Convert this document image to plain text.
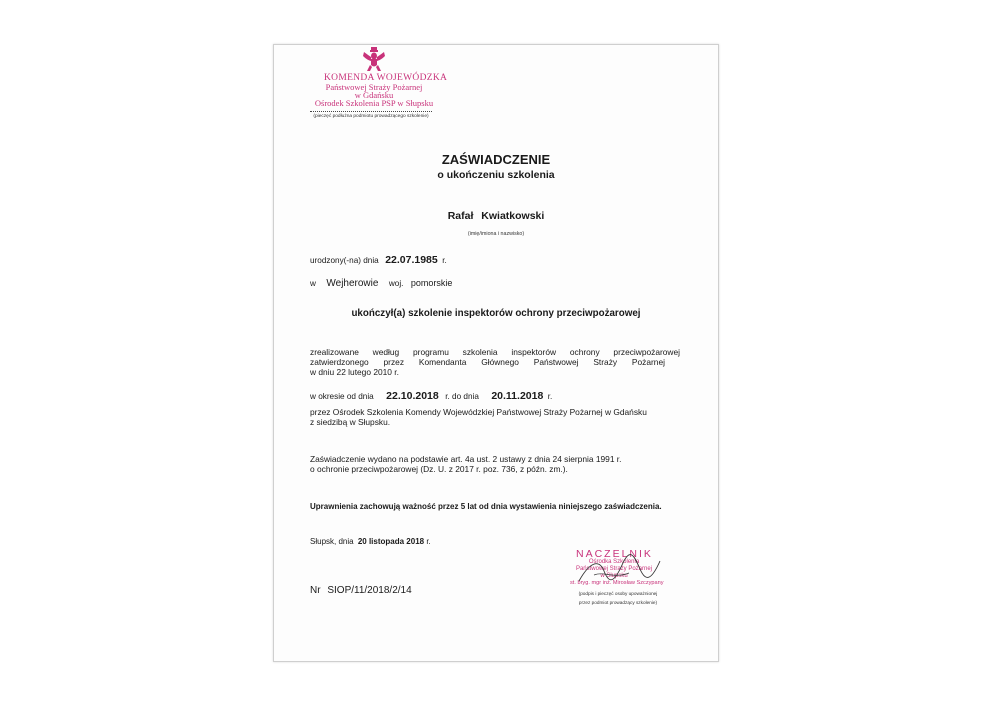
KOMENDA WOJEWÓDZKA
Państwowej Straży Pożarnej
w Gdańsku
Ośrodek Szkolenia PSP w Słupsku
(pieczęć podłużna podmiotu prowadzącego szkolenie)
ZAŚWIADCZENIE
o ukończeniu szkolenia
Rafał Kwiatkowski
(imię/imiona i nazwisko)
urodzony(-na) dnia 22.07.1985 r.
w Wejherowie woj. pomorskie
ukończył(a) szkolenie inspektorów ochrony przeciwpożarowej
zrealizowane według programu szkolenia inspektorów ochrony przeciwpożarowej
zatwierdzonego przez Komendanta Głównego Państwowej Straży Pożarnej
w dniu 22 lutego 2010 r.
w okresie od dnia 22.10.2018 r. do dnia 20.11.2018 r.
przez Ośrodek Szkolenia Komendy Wojewódzkiej Państwowej Straży Pożarnej w Gdańsku
z siedzibą w Słupsku.
Zaświadczenie wydano na podstawie art. 4a ust. 2 ustawy z dnia 24 sierpnia 1991 r.
o ochronie przeciwpożarowej (Dz. U. z 2017 r. poz. 736, z późn. zm.).
Uprawnienia zachowują ważność przez 5 lat od dnia wystawienia niniejszego zaświadczenia.
Słupsk, dnia 20 listopada 2018 r.
Nr SIOP/11/2018/2/14
NACZELNIK
Ośrodka Szkolenia
Państwowej Straży Pożarnej
w Słupsku
st. bryg. mgr inż. Mirosław Szczypany
(podpis i pieczęć osoby upoważnionej
przez podmiot prowadzący szkolenie)
